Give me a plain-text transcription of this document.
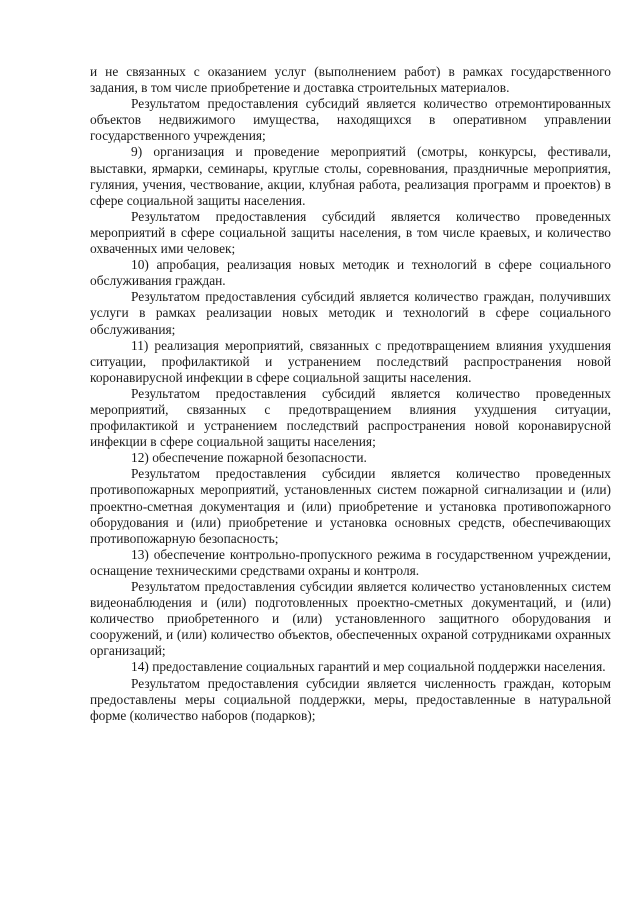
и не связанных с оказанием услуг (выполнением работ) в рамках государственного задания, в том числе приобретение и доставка строительных материалов.

Результатом предоставления субсидий является количество отремонтированных объектов недвижимого имущества, находящихся в оперативном управлении государственного учреждения;

9) организация и проведение мероприятий (смотры, конкурсы, фестивали, выставки, ярмарки, семинары, круглые столы, соревнования, праздничные мероприятия, гуляния, учения, чествование, акции, клубная работа, реализация программ и проектов) в сфере социальной защиты населения.

Результатом предоставления субсидий является количество проведенных мероприятий в сфере социальной защиты населения, в том числе краевых, и количество охваченных ими человек;

10) апробация, реализация новых методик и технологий в сфере социального обслуживания граждан.

Результатом предоставления субсидий является количество граждан, получивших услуги в рамках реализации новых методик и технологий в сфере социального обслуживания;

11) реализация мероприятий, связанных с предотвращением влияния ухудшения ситуации, профилактикой и устранением последствий распространения новой коронавирусной инфекции в сфере социальной защиты населения.

Результатом предоставления субсидий является количество проведенных мероприятий, связанных с предотвращением влияния ухудшения ситуации, профилактикой и устранением последствий распространения новой коронавирусной инфекции в сфере социальной защиты населения;

12) обеспечение пожарной безопасности.

Результатом предоставления субсидии является количество проведенных противопожарных мероприятий, установленных систем пожарной сигнализации и (или) проектно-сметная документация и (или) приобретение и установка противопожарного оборудования и (или) приобретение и установка основных средств, обеспечивающих противопожарную безопасность;

13) обеспечение контрольно-пропускного режима в государственном учреждении, оснащение техническими средствами охраны и контроля.

Результатом предоставления субсидии является количество установленных систем видеонаблюдения и (или) подготовленных проектно-сметных документаций, и (или) количество приобретенного и (или) установленного защитного оборудования и сооружений, и (или) количество объектов, обеспеченных охраной сотрудниками охранных организаций;

14) предоставление социальных гарантий и мер социальной поддержки населения.

Результатом предоставления субсидии является численность граждан, которым предоставлены меры социальной поддержки, меры, предоставленные в натуральной форме (количество наборов (подарков);
